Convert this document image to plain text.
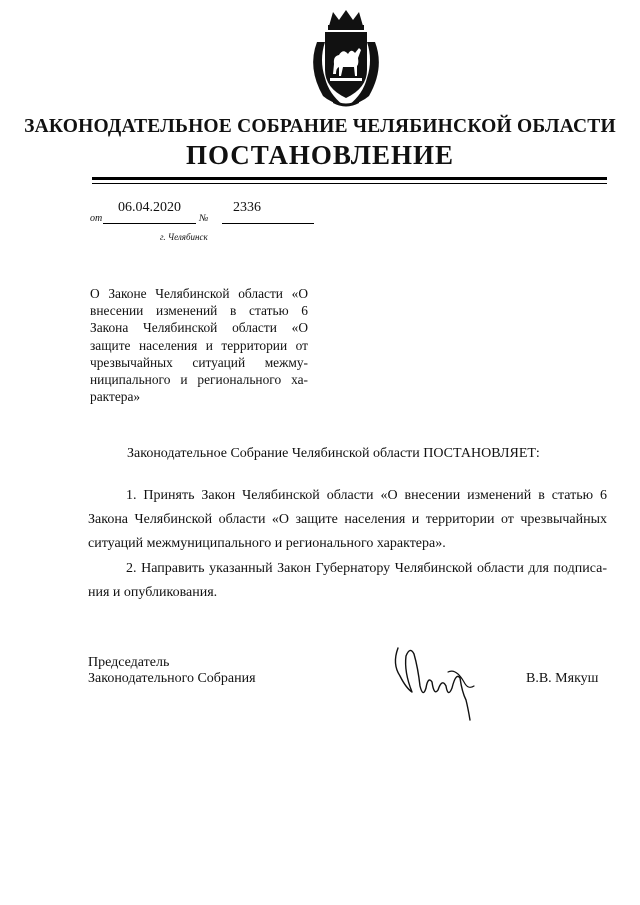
ЗАКОНОДАТЕЛЬНОЕ СОБРАНИЕ ЧЕЛЯБИНСКОЙ ОБЛАСТИ
ПОСТАНОВЛЕНИЕ
06.04.2020	2336
от	№
г. Челябинск
О Законе Челябинской области «О внесении изменений в статью 6 Закона Челябинской области «О защите населения и территории от чрезвычайных ситуаций межму-ниципального и регионального ха-рактера»
Законодательное Собрание Челябинской области ПОСТАНОВЛЯЕТ:
1. Принять Закон Челябинской области «О внесении изменений в статью 6 Закона Челябинской области «О защите населения и территории от чрезвычайных ситуаций межмуниципального и регионального характера».
2. Направить указанный Закон Губернатору Челябинской области для подписа-ния и опубликования.
Председатель
Законодательного Собрания	В.В. Мякуш
